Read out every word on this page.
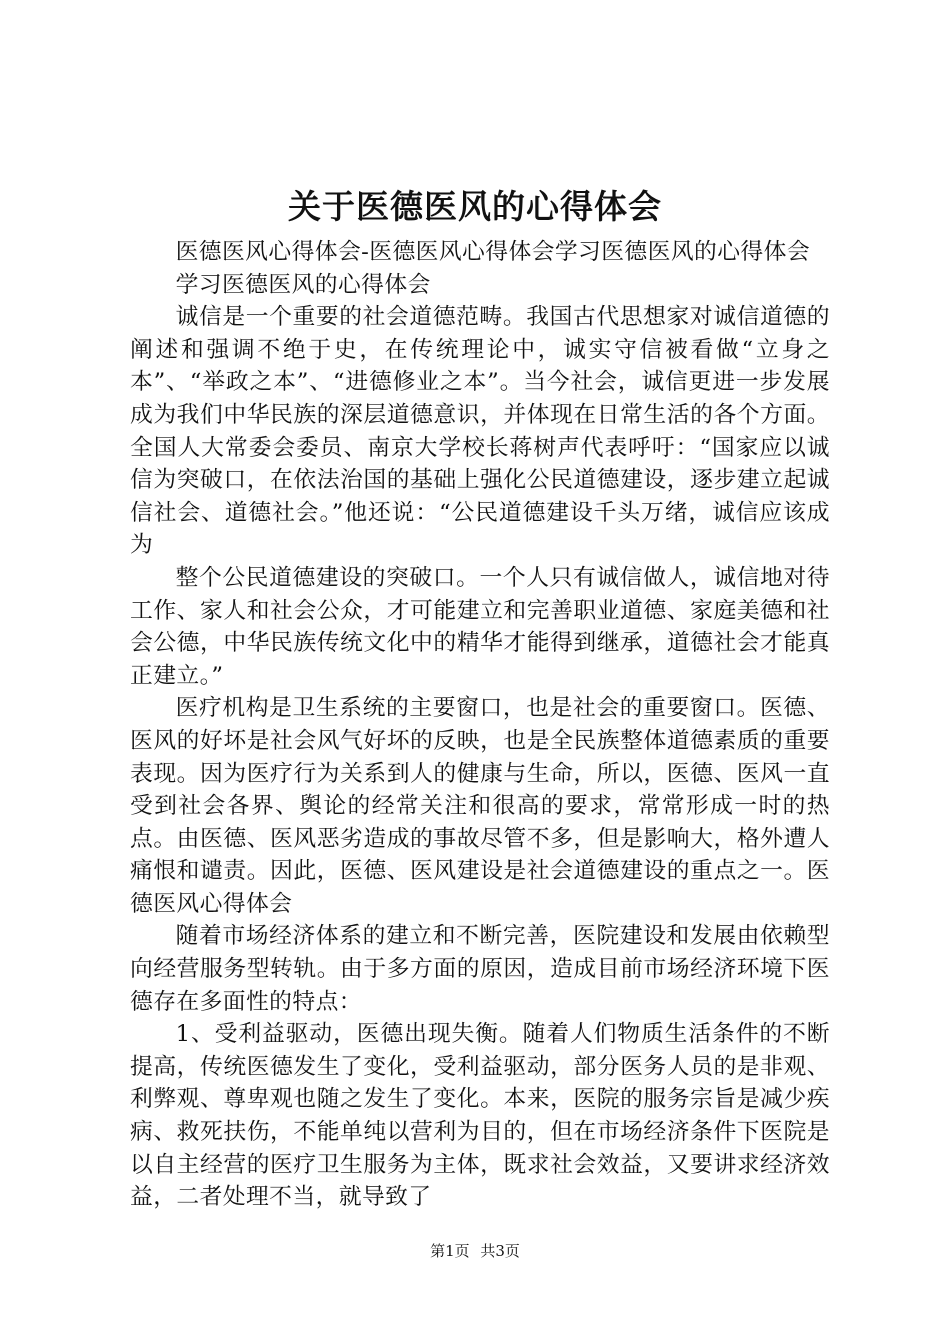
关于医德医风的心得体会

医德医风心得体会-医德医风心得体会学习医德医风的心得体会

学习医德医风的心得体会

诚信是一个重要的社会道德范畴。我国古代思想家对诚信道德的阐述和强调不绝于史，在传统理论中，诚实守信被看做“立身之本”、“举政之本”、“进德修业之本”。当今社会，诚信更进一步发展成为我们中华民族的深层道德意识，并体现在日常生活的各个方面。全国人大常委会委员、南京大学校长蒋树声代表呼吁：“国家应以诚信为突破口，在依法治国的基础上强化公民道德建设，逐步建立起诚信社会、道德社会。”他还说：“公民道德建设千头万绪，诚信应该成为

整个公民道德建设的突破口。一个人只有诚信做人，诚信地对待工作、家人和社会公众，才可能建立和完善职业道德、家庭美德和社会公德，中华民族传统文化中的精华才能得到继承，道德社会才能真正建立。”

医疗机构是卫生系统的主要窗口，也是社会的重要窗口。医德、医风的好坏是社会风气好坏的反映，也是全民族整体道德素质的重要表现。因为医疗行为关系到人的健康与生命，所以，医德、医风一直受到社会各界、舆论的经常关注和很高的要求，常常形成一时的热点。由医德、医风恶劣造成的事故尽管不多，但是影响大，格外遭人痛恨和谴责。因此，医德、医风建设是社会道德建设的重点之一。医德医风心得体会

随着市场经济体系的建立和不断完善，医院建设和发展由依赖型向经营服务型转轨。由于多方面的原因，造成目前市场经济环境下医德存在多面性的特点：

1、受利益驱动，医德出现失衡。随着人们物质生活条件的不断提高，传统医德发生了变化，受利益驱动，部分医务人员的是非观、利弊观、尊卑观也随之发生了变化。本来，医院的服务宗旨是减少疾病、救死扶伤，不能单纯以营利为目的，但在市场经济条件下医院是以自主经营的医疗卫生服务为主体，既求社会效益，又要讲求经济效益，二者处理不当，就导致了

第1页 共3页
